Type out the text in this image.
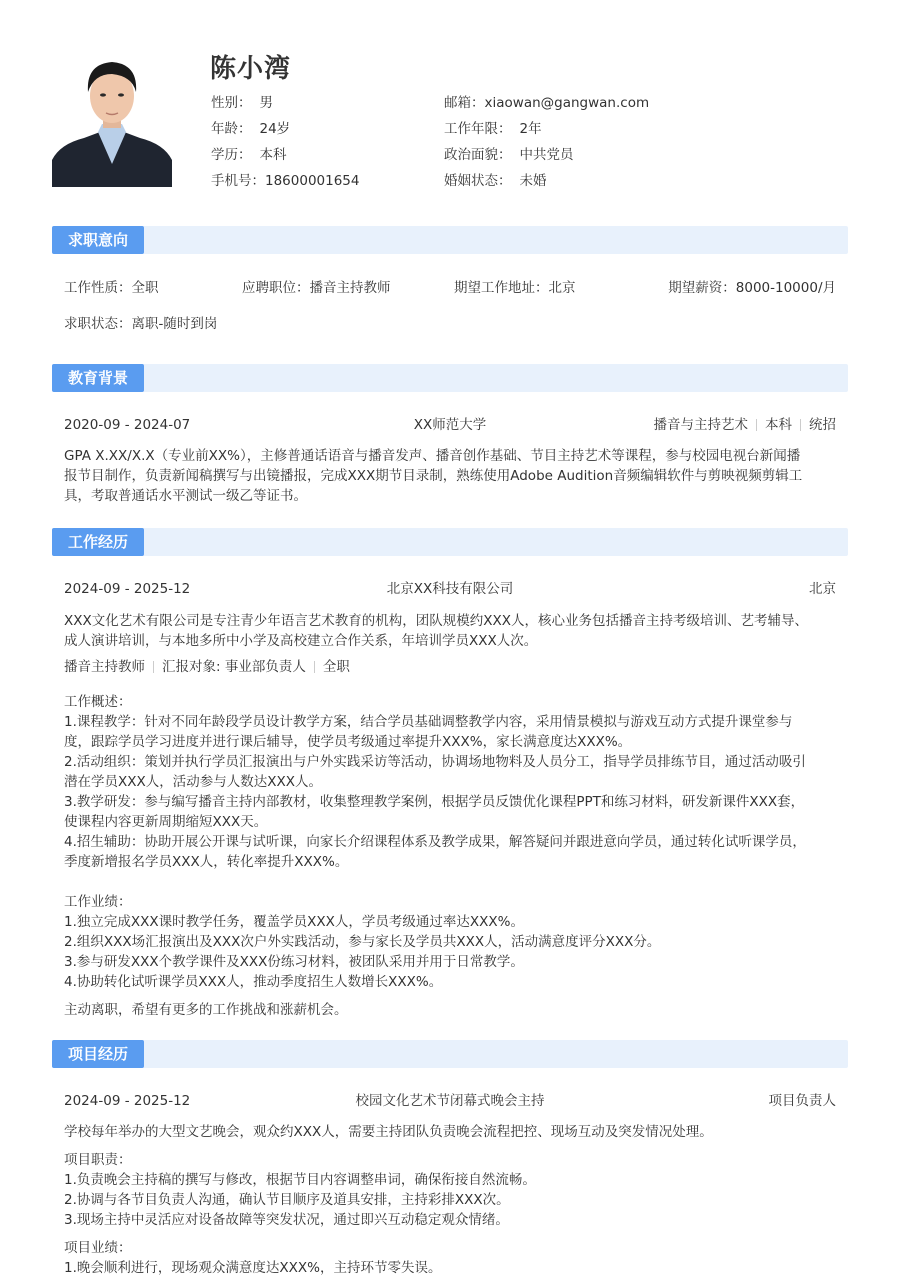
陈小湾
性别： 男
年龄： 24岁
学历： 本科
手机号：18600001654
邮箱：xiaowan@gangwan.com
工作年限： 2年
政治面貌： 中共党员
婚姻状态： 未婚
求职意向
工作性质：全职	应聘职位：播音主持教师	期望工作地址：北京	期望薪资：8000-10000/月
求职状态：离职-随时到岗
教育背景
2020-09 - 2024-07	XX师范大学	播音与主持艺术 本科 统招

GPA X.XX/X.X（专业前XX%），主修普通话语音与播音发声、播音创作基础、节目主持艺术等课程，参与校园电视台新闻播

报节目制作，负责新闻稿撰写与出镜播报，完成XXX期节目录制，熟练使用Adobe Audition音频编辑软件与剪映视频剪辑工

具，考取普通话水平测试一级乙等证书。

工作经历
2024-09 - 2025-12	北京XX科技有限公司	北京

XXX文化艺术有限公司是专注青少年语言艺术教育的机构，团队规模约XXX人，核心业务包括播音主持考级培训、艺考辅导、

成人演讲培训，与本地多所中小学及高校建立合作关系，年培训学员XXX人次。

播音主持教师 汇报对象: 事业部负责人 全职

工作概述：

1.课程教学：针对不同年龄段学员设计教学方案，结合学员基础调整教学内容，采用情景模拟与游戏互动方式提升课堂参与

度，跟踪学员学习进度并进行课后辅导，使学员考级通过率提升XXX%，家长满意度达XXX%。

2.活动组织：策划并执行学员汇报演出与户外实践采访等活动，协调场地物料及人员分工，指导学员排练节目，通过活动吸引

潜在学员XXX人，活动参与人数达XXX人。

3.教学研发：参与编写播音主持内部教材，收集整理教学案例，根据学员反馈优化课程PPT和练习材料，研发新课件XXX套，

使课程内容更新周期缩短XXX天。

4.招生辅助：协助开展公开课与试听课，向家长介绍课程体系及教学成果，解答疑问并跟进意向学员，通过转化试听课学员，

季度新增报名学员XXX人，转化率提升XXX%。

工作业绩：

1.独立完成XXX课时教学任务，覆盖学员XXX人，学员考级通过率达XXX%。

2.组织XXX场汇报演出及XXX次户外实践活动，参与家长及学员共XXX人，活动满意度评分XXX分。

3.参与研发XXX个教学课件及XXX份练习材料，被团队采用并用于日常教学。

4.协助转化试听课学员XXX人，推动季度招生人数增长XXX%。

主动离职，希望有更多的工作挑战和涨薪机会。

项目经历
2024-09 - 2025-12	校园文化艺术节闭幕式晚会主持	项目负责人

学校每年举办的大型文艺晚会，观众约XXX人，需要主持团队负责晚会流程把控、现场互动及突发情况处理。

项目职责：

1.负责晚会主持稿的撰写与修改，根据节目内容调整串词，确保衔接自然流畅。

2.协调与各节目负责人沟通，确认节目顺序及道具安排，主持彩排XXX次。

3.现场主持中灵活应对设备故障等突发状况，通过即兴互动稳定观众情绪。

项目业绩：

1.晚会顺利进行，现场观众满意度达XXX%，主持环节零失误。
